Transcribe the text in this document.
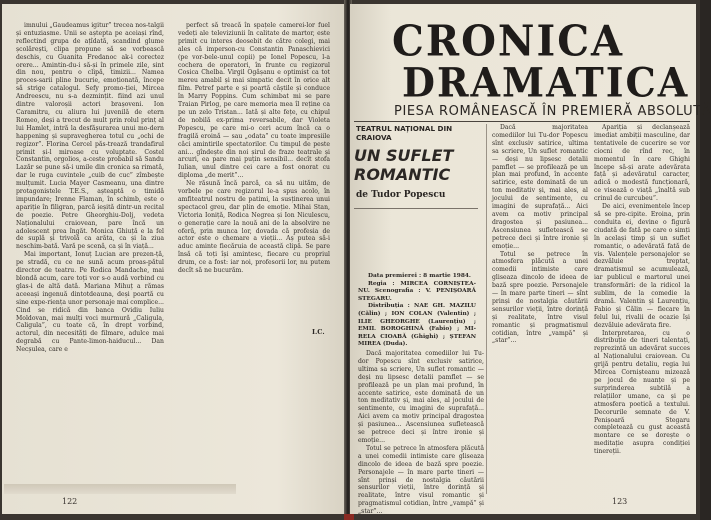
imnului „Gaudeamus igitur” trecea nos-talgii și entuziasme. Unii se aștepta pe aceiași rînd, reflectind grupa de ațîdată, scandind glume școlărești, clipa propune să se vorbească deschis, cu Guanita Fredanoc ak-i corectez orere... Amintin-du-i să-și în primele zile, sint din nou, pentru o clipă, timizii... Namea proces-sarii pline bucurie, emoționată, începe să strige catalogul. Sefy promo-ției, Mircea Andreescu, nu s-a dezmințit. fiind azi unul dintre valoroșii actori brașoveni. Ion Caramitru, cu aliura lui juvenilă de etern Romeo, deși a trecut de mult prin rolul prinț al lui Hamlet, intră la desfășurarea unui mo-dern happening și supravegherea totul cu „ochi de regizor”. Florina Cercel păs-trează trandafirul primit și-l miroase cu voluptate. Costel Constantin, orgolios, a-ceste probabil să Sandu Lazăr se pune să-i umile din cronica sa rimată, dar le ruga cuvintele „cuib de cuc” zîmbește mulțumit. Lucia Mayer Casmeanu, una dintre protagonistele T.E.S., așteaptă o timidă impundare; Irenne Flaman, în schimb, este o apariție în filigran, parcă ieșită dintr-un recital de poezie. Petre Gheorghiu-Dolj, vedeta Naționalului craiovean, pare încă un adolescent prea îngăt. Monica Ghiuță e la fel de suplă și trivolă ca arăta, ca și la ziua neschim-bată. Vară pe scenă, ca și în viață...

Mai important, Ionuț Lucian are prezen-ță, pe stradă, cu ce ne sună acum proas-pătul director de teatru. Pe Rodica Mandache, mai blondă acum, care toți vor s-o audă vorbind cu glas-i de altă dată. Mariana Mihuț a rămas aceeași ingenuă dintotdeauna, deși poartă cu sine expe-riența unor personaje mai complice... Cind se ridică din banca Ovidiu Iuliu Moldovan, mai mulți voci murmură „Caligula, Caligula”, cu toate că, în drept vorbind, actorul, din necesități de filmare, adulce mai degrabă cu Pante-limon-haiducul... Dan Necșulea, care e

perfect să treacă în spațele camerei-lor fuel vedeți ale televiziunii în calitate de martor, este primit cu interes deosebit de către colegi, mai ales că imperson-cu Constantin Panaschievici (pe vor-bele-unul copii) pe Ionel Popescu, l-a cochera de operatori, în frunte cu regizorul Cosica Chelba. Virgil Ogășanu e optimist ca tot mereu amabil și mai simpatic decit în orice alt film. Petref parte e și poartă căștile și conduce în Marry Poppins. Cum schimbat mi se pare Traian Pirlog, pe care memoria mea îl reține ca pe un zelo Tristan... Iată și alte fețe, cu chipul de nobilă ex-prima reversabile, dar Violeta Popescu, pe care mi-o ceri acum încă ca o fragilă eroină — sau „odata” cu toate impresiile căci amintirile spectatorilor. Cu timpul de peste ani... gîndește din noi șirul de fraze teatrale și arcuri, ea pare mai puțin sensibil... decît stofa Iulian, unul dintre cei care a fost onorat cu diploma „de merit”...

Ne răsună încă parcă, ca să nu uităm, de vorbele pe care regizorul le-a spus acolo, în amfiteatrul nostru de patimi, la susținerea unui spectacol greu, dar plin de emoție. Mihai Stan, Victoria Ioniță, Rodica Negrea și Ion Niculescu, o generație care la nouă ani de la absolvire ne oferă, prin munca lor, dovada că profesia de actor este o chemare a vieții... Aș putea să-i aduc aminte fiecăruia de această clipă. Se pare însă că toți își amintesc, fiecare cu propriul drum, ce a fost: iar noi, profesorii lor, nu putem decît să ne bucurăm.

I.C.
122
CRONICA
DRAMATICA
PIESA ROMÂNEASCĂ ÎN PREMIERĂ ABSOLUTĂ
TEATRUL NAȚIONAL DIN CRAIOVA
UN SUFLET ROMANTIC
de Tudor Popescu
Data premierei : 8 martie 1984.
Regia : MIRCEA CORNIȘTEA-NU. Scenografia : V. PENIȘOARĂ STEGARU.
Distribuția : NAE GH. MAZILU (Călin) ; ION COLAN (Valentin) ; ILIE GHEORGHE (Laurențiu) ; EMIL BOROGHINĂ (Fabio) ; MI-RELA CIOABĂ (Ghighi) ; ȘTEFAN MIREA (Duda).

Dacă majoritatea comediilor lui Tu-dor Popescu sînt exclusiv satirice, ultima sa scriere, Un suflet romantic — deși nu lipsesc detalii pamflet — se profilează pe un plan mai profund, în accente satirice, este dominată de un ton meditativ și, mai ales, al jocului de sentimente, cu imagini de suprafață... Aici avem ca motiv principal dragostea și pasiunea... Ascensiunea sufletească se petrece deci și între ironie și emoție...

Totul se petrece în atmosfera plăcută a unei comedii intimiste care gliseaza dincolo de ideea de bază spre poezie. Personajele — în mare parte tineri — sînt prinși de nostalgia căutării sensurilor vieții, între dorință și realitate, între visul romantic și pragmatismul cotidian, între „vampă” și „star”...

Apariția și declanșează imediat ambiții masculine, dar tentativele de cucerire se vor ciocni de rînd rec, în momentul în care Ghighi începe să-și arate adevărata față și adevăratul caracter, adică o modestă funcționară, ce visează o viață „înaltă sub crinul de curcubeu”.

De aici, evenimentele încep să se pre-cipite. Eroina, prin conduita ei, devine o figură ciudată de fată pe care o simți în același timp și un suflet romantic, o adevărată fată de vis. Valențele personajelor se dezvăluie treptat, dramatismul se acumulează, iar publicul e martorul unei transformări: de la ridicol la sublim, de la comedie la dramă. Valentin și Laurențiu, Fabio și Călin — fiecare în felul lui, rivalii de ocazie își dezvăluie adevărata fire.

Interpretarea, cu o distribuție de tineri talentați, reprezintă un adevărat succes al Naționalului craiovean. Cu grijă pentru detaliu, regia lui Mircea Cornișteanu mizează pe jocul de nuanțe și pe surprinderea subtilă a relațiilor umane, ca și pe atmosfera poetică a textului. Decorurile semnate de V. Penișoară Stegaru completează cu gust această montare ce se dorește o meditație asupra condiției tinereții.

Dacă majoritatea comediilor lui Tu-dor Popescu sînt exclusiv satirice, ultima sa scriere, Un suflet romantic — deși nu lipsesc detalii pamflet — se profilează pe un plan mai profund, în accente satirice, este dominată de un ton meditativ și, mai ales, al jocului de sentimente, cu imagini de suprafață... Aici avem ca motiv principal dragostea și pasiunea... Ascensiunea sufletească se petrece deci și între ironie și emoție...

Totul se petrece în atmosfera plăcută a unei comedii intimiste care gliseaza dincolo de ideea de bază spre poezie. Personajele — în mare parte tineri — sînt prinși de nostalgia căutării sensurilor vieții, între dorință și realitate, între visul romantic și pragmatismul cotidian, între „vampă” și „star”...

123
